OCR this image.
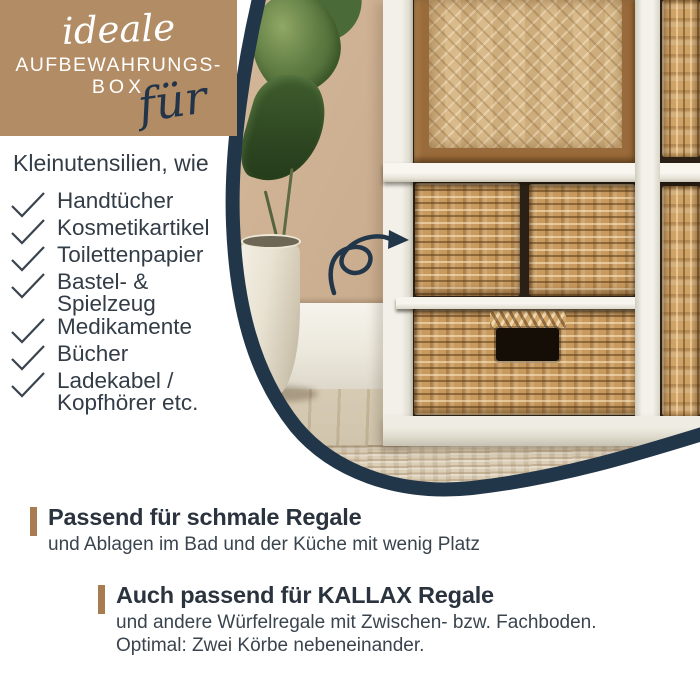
ideale
AUFBEWAHRUNGS-
BOX
für
Kleinutensilien, wie
Handtücher
Kosmetikartikel
Toilettenpapier
Bastel- & Spielzeug
Medikamente
Bücher
Ladekabel / Kopfhörer etc.
Passend für schmale Regale

und Ablagen im Bad und der Küche mit wenig Platz

Auch passend für KALLAX Regale

und andere Würfelregale mit Zwischen- bzw. Fachboden.

Optimal: Zwei Körbe nebeneinander.
